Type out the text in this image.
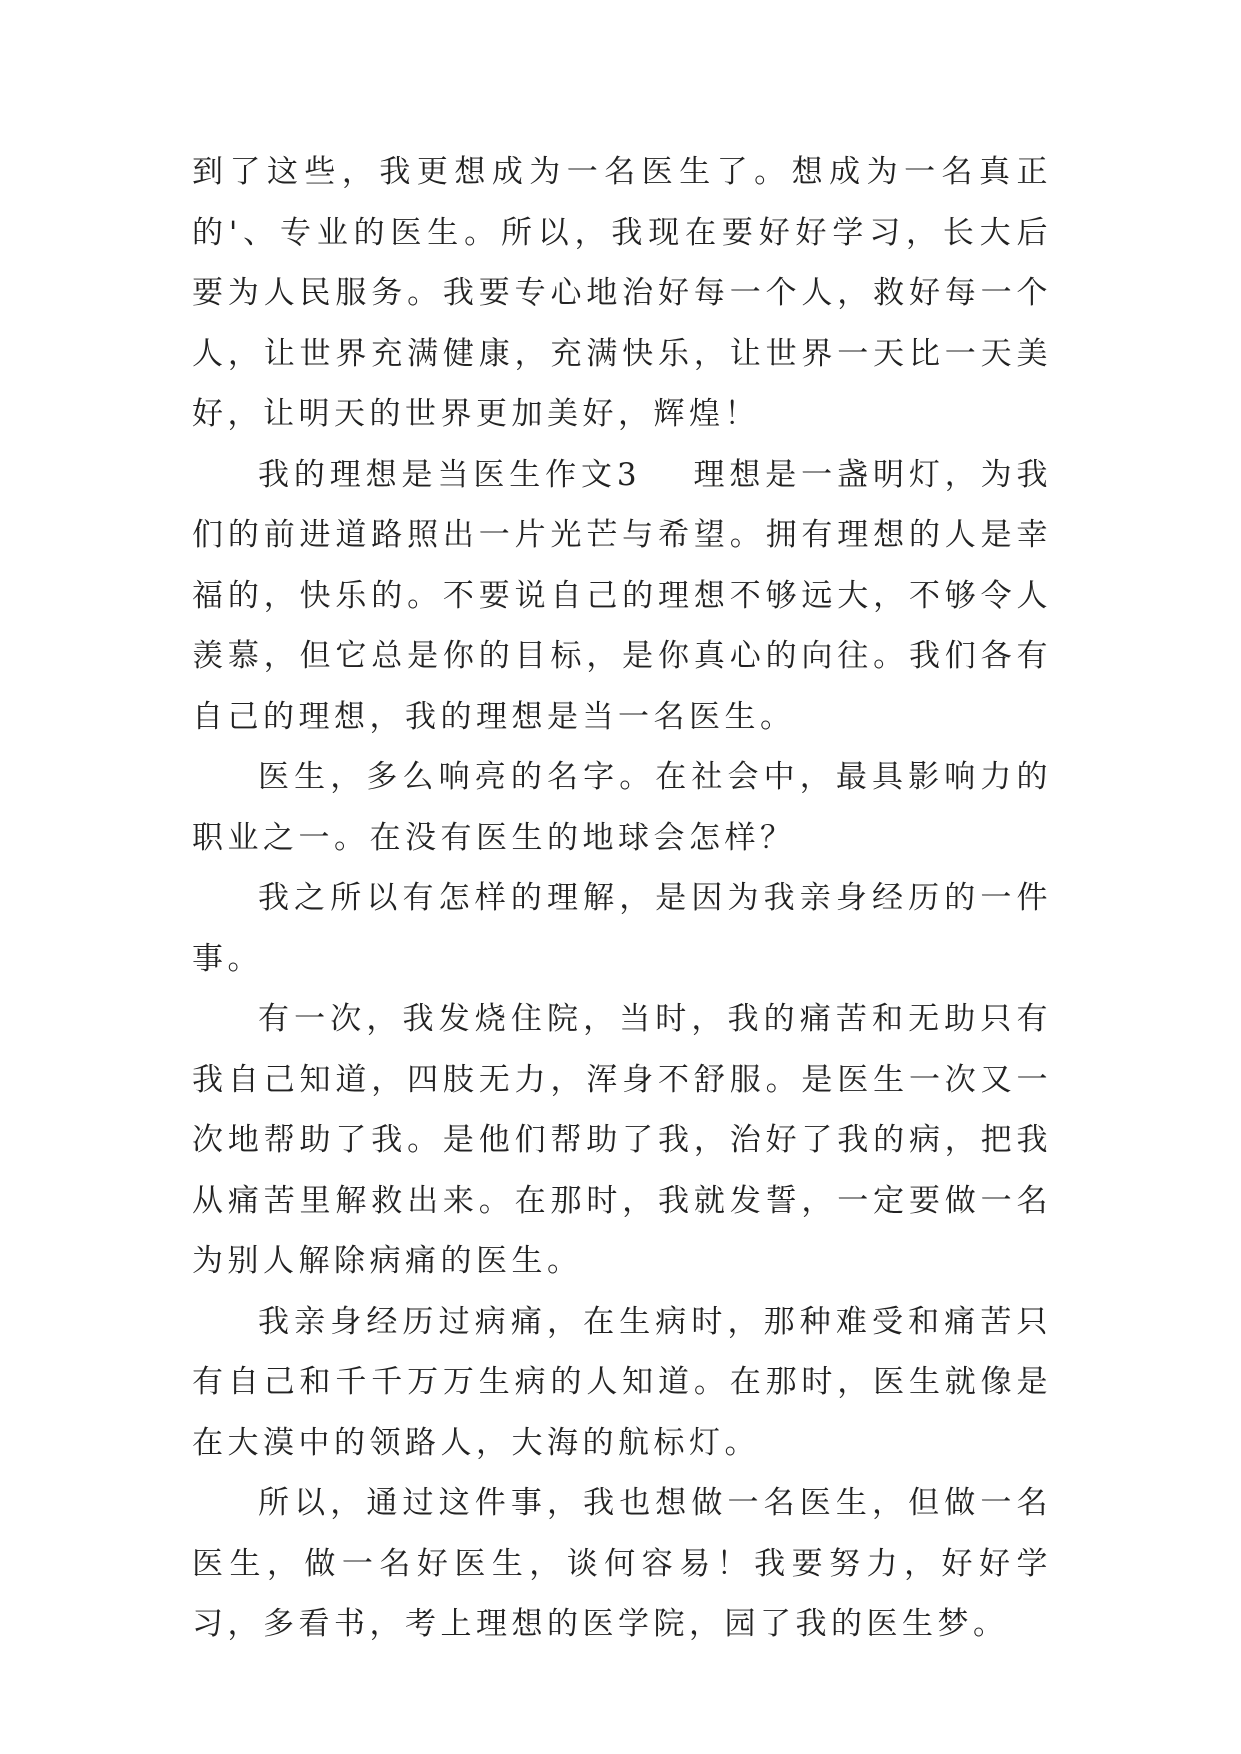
到了这些，我更想成为一名医生了。想成为一名真正的'、专业的医生。所以，我现在要好好学习，长大后要为人民服务。我要专心地治好每一个人，救好每一个人，让世界充满健康，充满快乐，让世界一天比一天美好，让明天的世界更加美好，辉煌！

我的理想是当医生作文3 理想是一盏明灯，为我们的前进道路照出一片光芒与希望。拥有理想的人是幸福的，快乐的。不要说自己的理想不够远大，不够令人羡慕，但它总是你的目标，是你真心的向往。我们各有自己的理想，我的理想是当一名医生。

医生，多么响亮的名字。在社会中，最具影响力的职业之一。在没有医生的地球会怎样？

我之所以有怎样的理解，是因为我亲身经历的一件事。

有一次，我发烧住院，当时，我的痛苦和无助只有我自己知道，四肢无力，浑身不舒服。是医生一次又一次地帮助了我。是他们帮助了我，治好了我的病，把我从痛苦里解救出来。在那时，我就发誓，一定要做一名为别人解除病痛的医生。

我亲身经历过病痛，在生病时，那种难受和痛苦只有自己和千千万万生病的人知道。在那时，医生就像是在大漠中的领路人，大海的航标灯。

所以，通过这件事，我也想做一名医生，但做一名医生，做一名好医生，谈何容易！我要努力，好好学习，多看书，考上理想的医学院，园了我的医生梦。
